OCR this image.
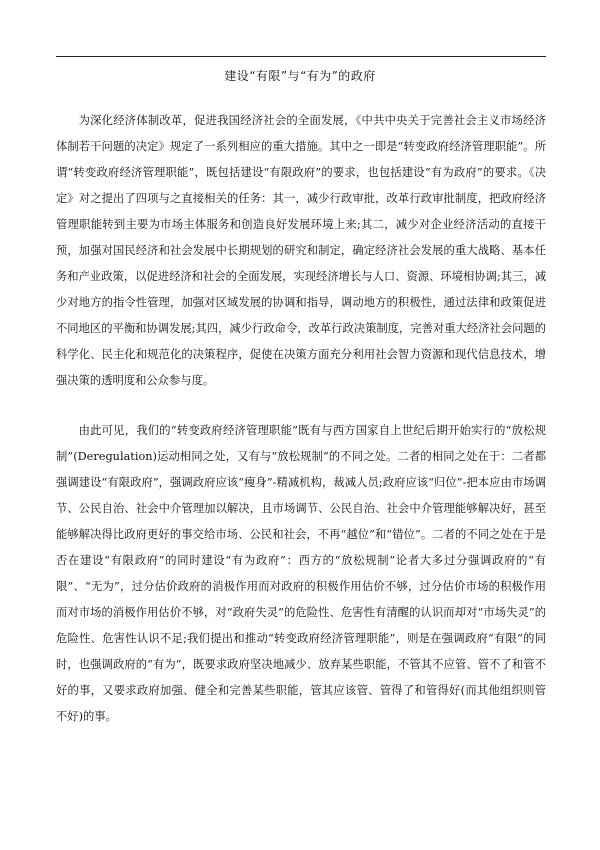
建设“有限”与“有为”的政府

为深化经济体制改革，促进我国经济社会的全面发展，《中共中央关于完善社会主义市场经济体制若干问题的决定》规定了一系列相应的重大措施。其中之一即是“转变政府经济管理职能”。所谓“转变政府经济管理职能”，既包括建设“有限政府”的要求，也包括建设“有为政府”的要求。《决定》对之提出了四项与之直接相关的任务：其一，减少行政审批，改革行政审批制度，把政府经济管理职能转到主要为市场主体服务和创造良好发展环境上来;其二，减少对企业经济活动的直接干预，加强对国民经济和社会发展中长期规划的研究和制定，确定经济社会发展的重大战略、基本任务和产业政策，以促进经济和社会的全面发展，实现经济增长与人口、资源、环境相协调;其三，减少对地方的指令性管理，加强对区域发展的协调和指导，调动地方的积极性，通过法律和政策促进不同地区的平衡和协调发展;其四，减少行政命令，改革行政决策制度，完善对重大经济社会问题的科学化、民主化和规范化的决策程序，促使在决策方面充分利用社会智力资源和现代信息技术，增强决策的透明度和公众参与度。

由此可见，我们的“转变政府经济管理职能”既有与西方国家自上世纪后期开始实行的“放松规制”(Deregulation)运动相同之处，又有与“放松规制”的不同之处。二者的相同之处在于：二者都强调建设“有限政府”，强调政府应该“瘦身”-精减机构，裁减人员;政府应该“归位”-把本应由市场调节、公民自治、社会中介管理加以解决，且市场调节、公民自治、社会中介管理能够解决好，甚至能够解决得比政府更好的事交给市场、公民和社会，不再“越位”和“错位”。二者的不同之处在于是否在建设“有限政府”的同时建设“有为政府”：西方的“放松规制”论者大多过分强调政府的“有限”、“无为”，过分估价政府的消极作用而对政府的积极作用估价不够，过分估价市场的积极作用而对市场的消极作用估价不够，对“政府失灵”的危险性、危害性有清醒的认识而却对“市场失灵”的危险性、危害性认识不足;我们提出和推动“转变政府经济管理职能”，则是在强调政府“有限”的同时，也强调政府的“有为”，既要求政府坚决地减少、放弃某些职能，不管其不应管、管不了和管不好的事，又要求政府加强、健全和完善某些职能，管其应该管、管得了和管得好(而其他组织则管不好)的事。
